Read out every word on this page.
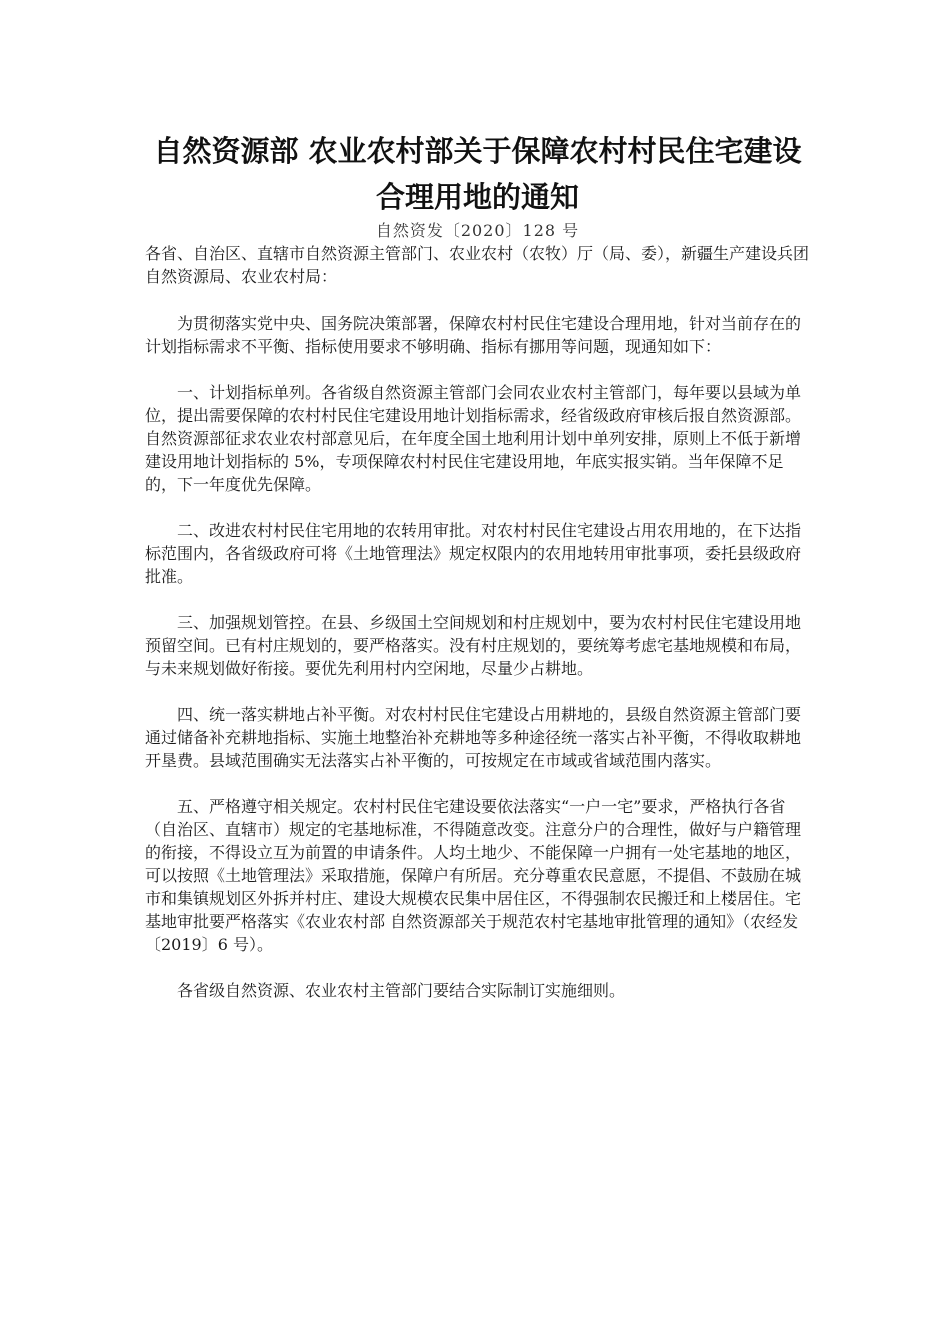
自然资源部 农业农村部关于保障农村村民住宅建设
合理用地的通知

自然资发〔2020〕128 号

各省、自治区、直辖市自然资源主管部门、农业农村（农牧）厅（局、委），新疆生产建设兵团自然资源局、农业农村局：

为贯彻落实党中央、国务院决策部署，保障农村村民住宅建设合理用地，针对当前存在的计划指标需求不平衡、指标使用要求不够明确、指标有挪用等问题，现通知如下：

一、计划指标单列。各省级自然资源主管部门会同农业农村主管部门，每年要以县域为单位，提出需要保障的农村村民住宅建设用地计划指标需求，经省级政府审核后报自然资源部。自然资源部征求农业农村部意见后，在年度全国土地利用计划中单列安排，原则上不低于新增建设用地计划指标的 5%，专项保障农村村民住宅建设用地，年底实报实销。当年保障不足的，下一年度优先保障。

二、改进农村村民住宅用地的农转用审批。对农村村民住宅建设占用农用地的，在下达指标范围内，各省级政府可将《土地管理法》规定权限内的农用地转用审批事项，委托县级政府批准。

三、加强规划管控。在县、乡级国土空间规划和村庄规划中，要为农村村民住宅建设用地预留空间。已有村庄规划的，要严格落实。没有村庄规划的，要统筹考虑宅基地规模和布局，与未来规划做好衔接。要优先利用村内空闲地，尽量少占耕地。

四、统一落实耕地占补平衡。对农村村民住宅建设占用耕地的，县级自然资源主管部门要通过储备补充耕地指标、实施土地整治补充耕地等多种途径统一落实占补平衡，不得收取耕地开垦费。县域范围确实无法落实占补平衡的，可按规定在市域或省域范围内落实。

五、严格遵守相关规定。农村村民住宅建设要依法落实“一户一宅”要求，严格执行各省（自治区、直辖市）规定的宅基地标准，不得随意改变。注意分户的合理性，做好与户籍管理的衔接，不得设立互为前置的申请条件。人均土地少、不能保障一户拥有一处宅基地的地区，可以按照《土地管理法》采取措施，保障户有所居。充分尊重农民意愿，不提倡、不鼓励在城市和集镇规划区外拆并村庄、建设大规模农民集中居住区，不得强制农民搬迁和上楼居住。宅基地审批要严格落实《农业农村部 自然资源部关于规范农村宅基地审批管理的通知》（农经发〔2019〕6 号）。

各省级自然资源、农业农村主管部门要结合实际制订实施细则。
